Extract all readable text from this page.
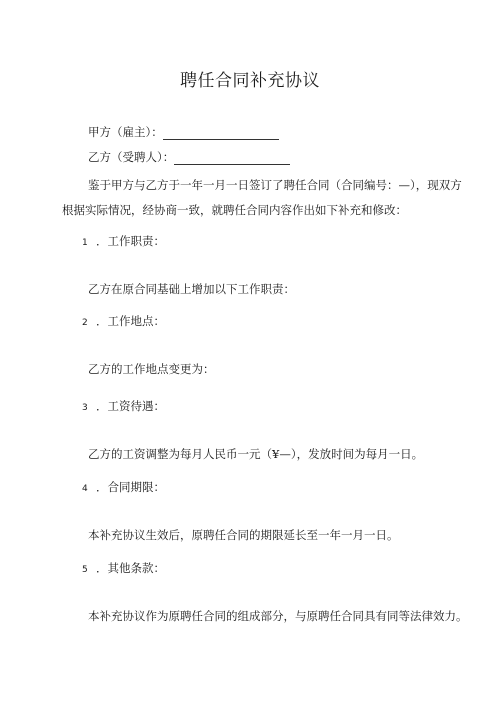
聘任合同补充协议
甲方（雇主）：
乙方（受聘人）：
鉴于甲方与乙方于一年一月一日签订了聘任合同（合同编号：—），现双方
根据实际情况，经协商一致，就聘任合同内容作出如下补充和修改：
1 ．工作职责：
乙方在原合同基础上增加以下工作职责：
2 ．工作地点：
乙方的工作地点变更为：
3 ．工资待遇：
乙方的工资调整为每月人民币一元（¥—），发放时间为每月一日。
4 ．合同期限：
本补充协议生效后，原聘任合同的期限延长至一年一月一日。
5 ．其他条款：
本补充协议作为原聘任合同的组成部分，与原聘任合同具有同等法律效力。
